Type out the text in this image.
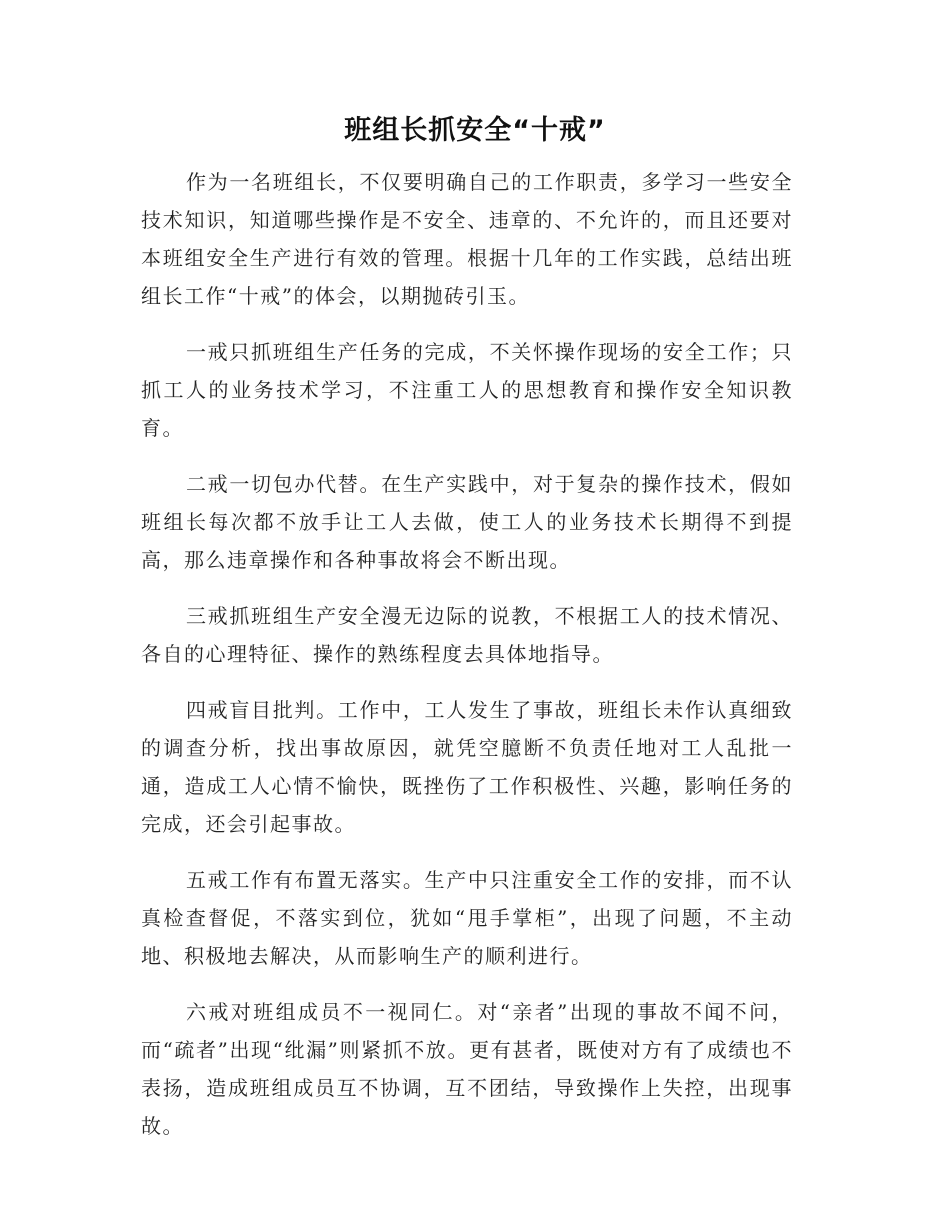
班组长抓安全“十戒”

作为一名班组长，不仅要明确自己的工作职责，多学习一些安全技术知识，知道哪些操作是不安全、违章的、不允许的，而且还要对本班组安全生产进行有效的管理。根据十几年的工作实践，总结出班组长工作“十戒”的体会，以期抛砖引玉。

一戒只抓班组生产任务的完成，不关怀操作现场的安全工作；只抓工人的业务技术学习，不注重工人的思想教育和操作安全知识教育。

二戒一切包办代替。在生产实践中，对于复杂的操作技术，假如班组长每次都不放手让工人去做，使工人的业务技术长期得不到提高，那么违章操作和各种事故将会不断出现。

三戒抓班组生产安全漫无边际的说教，不根据工人的技术情况、各自的心理特征、操作的熟练程度去具体地指导。

四戒盲目批判。工作中，工人发生了事故，班组长未作认真细致的调查分析，找出事故原因，就凭空臆断不负责任地对工人乱批一通，造成工人心情不愉快，既挫伤了工作积极性、兴趣，影响任务的完成，还会引起事故。

五戒工作有布置无落实。生产中只注重安全工作的安排，而不认真检查督促，不落实到位，犹如“甩手掌柜”，出现了问题，不主动地、积极地去解决，从而影响生产的顺利进行。

六戒对班组成员不一视同仁。对“亲者”出现的事故不闻不问，而“疏者”出现“纰漏”则紧抓不放。更有甚者，既使对方有了成绩也不表扬，造成班组成员互不协调，互不团结，导致操作上失控，出现事故。
